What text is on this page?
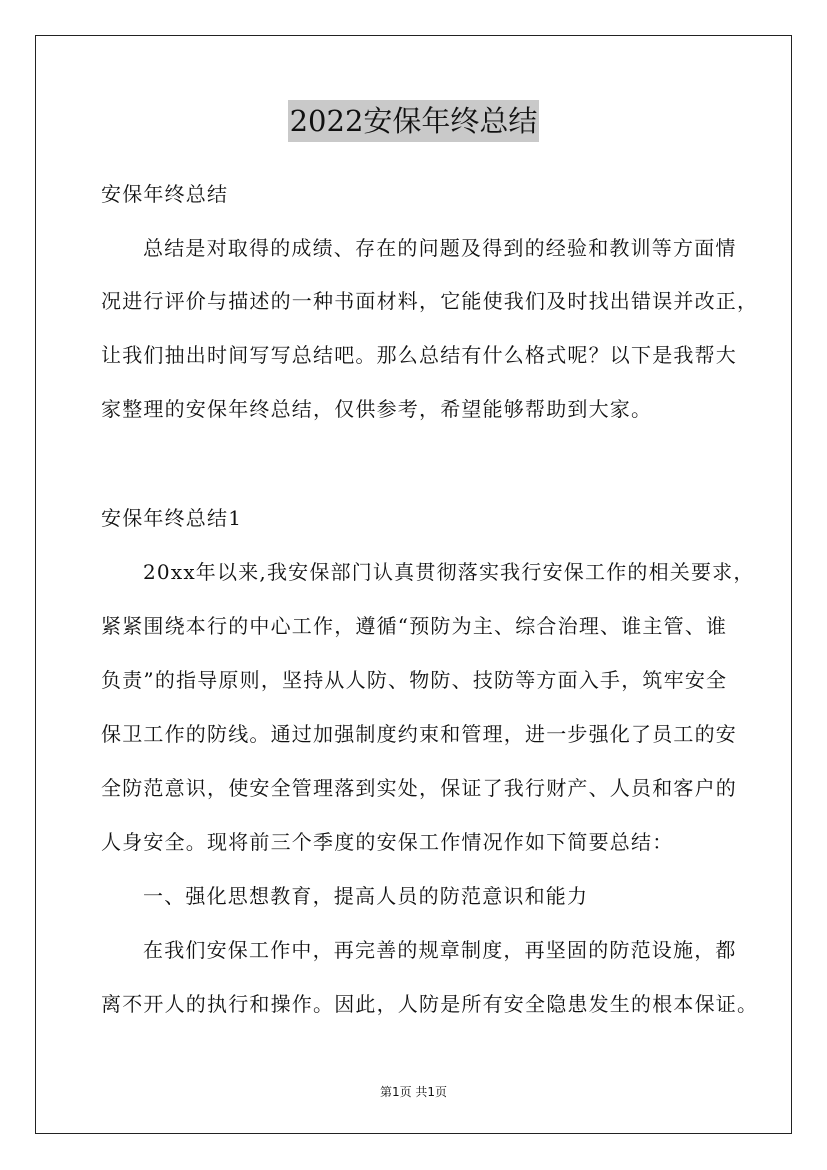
2022安保年终总结
安保年终总结
总结是对取得的成绩、存在的问题及得到的经验和教训等方面情
况进行评价与描述的一种书面材料，它能使我们及时找出错误并改正，
让我们抽出时间写写总结吧。那么总结有什么格式呢？以下是我帮大
家整理的安保年终总结，仅供参考，希望能够帮助到大家。
安保年终总结1
20xx年以来,我安保部门认真贯彻落实我行安保工作的相关要求，
紧紧围绕本行的中心工作，遵循“预防为主、综合治理、谁主管、谁
负责”的指导原则，坚持从人防、物防、技防等方面入手，筑牢安全
保卫工作的防线。通过加强制度约束和管理，进一步强化了员工的安
全防范意识，使安全管理落到实处，保证了我行财产、人员和客户的
人身安全。现将前三个季度的安保工作情况作如下简要总结：
一、强化思想教育，提高人员的防范意识和能力
在我们安保工作中，再完善的规章制度，再坚固的防范设施，都
离不开人的执行和操作。因此，人防是所有安全隐患发生的根本保证。
第1页 共1页
